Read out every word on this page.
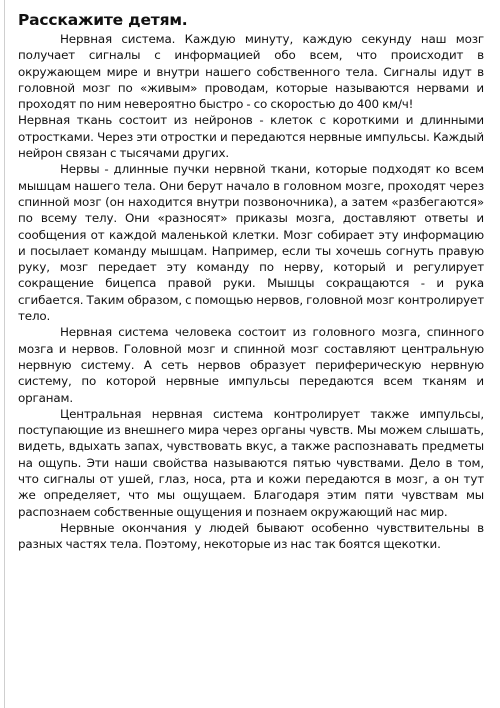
Расскажите детям.

Нервная система. Каждую минуту, каждую секунду наш мозг получает сигналы с информацией обо всем, что происходит в окружающем мире и внутри нашего собственного тела. Сигналы идут в головной мозг по «живым» проводам, которые называются нервами и проходят по ним невероятно быстро - со скоростью до 400 км/ч!

Нервная ткань состоит из нейронов - клеток с короткими и длинными отростками. Через эти отростки и передаются нервные импульсы. Каждый нейрон связан с тысячами других.

Нервы - длинные пучки нервной ткани, которые подходят ко всем мышцам нашего тела. Они берут начало в головном мозге, проходят через спинной мозг (он находится внутри позвоночника), а затем «разбегаются» по всему телу. Они «разносят» приказы мозга, доставляют ответы и сообщения от каждой маленькой клетки. Мозг собирает эту информацию и посылает команду мышцам. Например, если ты хочешь согнуть правую руку, мозг передает эту команду по нерву, который и регулирует сокращение бицепса правой руки. Мышцы сокращаются - и рука сгибается. Таким образом, с помощью нервов, головной мозг контролирует тело.

Нервная система человека состоит из головного мозга, спинного мозга и нервов. Головной мозг и спинной мозг составляют центральную нервную систему. А сеть нервов образует периферическую нервную систему, по которой нервные импульсы передаются всем тканям и органам.

Центральная нервная система контролирует также импульсы, поступающие из внешнего мира через органы чувств. Мы можем слышать, видеть, вдыхать запах, чувствовать вкус, а также распознавать предметы на ощупь. Эти наши свойства называются пятью чувствами. Дело в том, что сигналы от ушей, глаз, носа, рта и кожи передаются в мозг, а он тут же определяет, что мы ощущаем. Благодаря этим пяти чувствам мы распознаем собственные ощущения и познаем окружающий нас мир.

Нервные окончания у людей бывают особенно чувствительны в разных частях тела. Поэтому, некоторые из нас так боятся щекотки.
